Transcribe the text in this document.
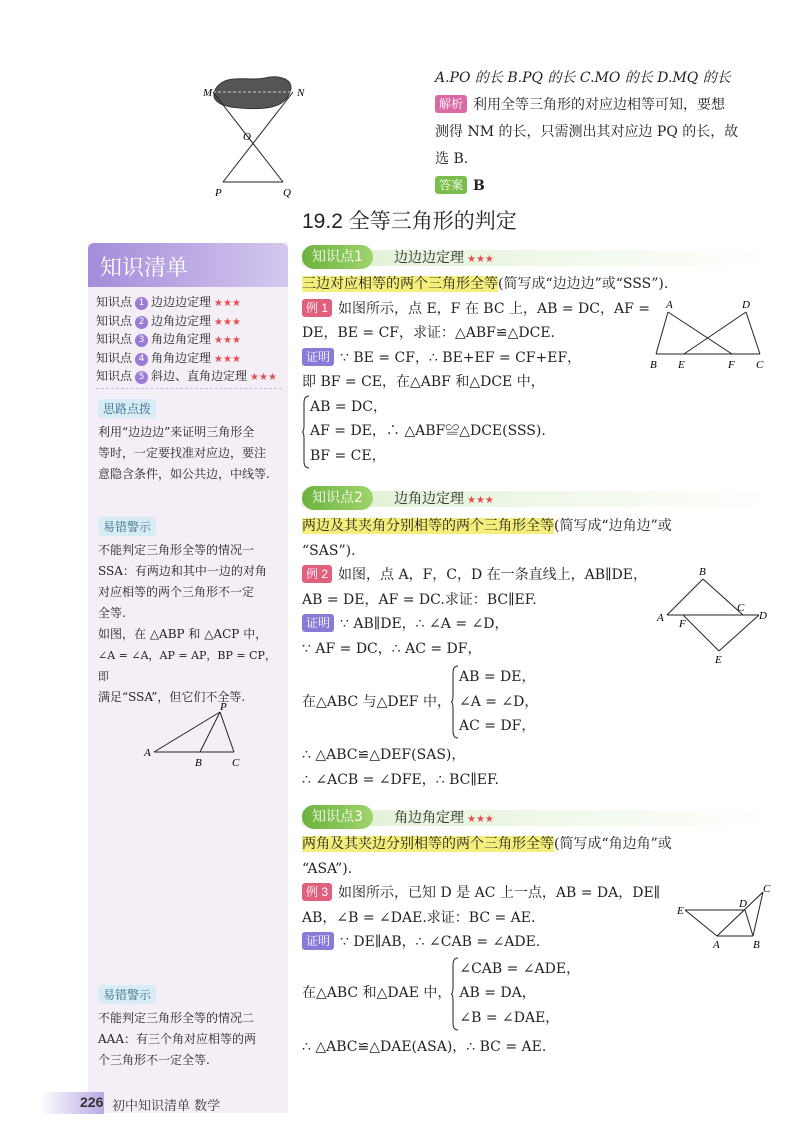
M	N
O
P	Q
A.PO 的长 B.PQ 的长 C.MO 的长 D.MQ 的长
解析 利用全等三角形的对应边相等可知，要想
测得 NM 的长，只需测出其对应边 PQ 的长，故
选 B.
答案 B
19.2 全等三角形的判定
知识清单
知识点 1 边边边定理 ★★★
知识点 2 边角边定理 ★★★
知识点 3 角边角定理 ★★★
知识点 4 角角边定理 ★★★
知识点 5 斜边、直角边定理 ★★★
思路点拨
利用“边边边”来证明三角形全
等时，一定要找准对应边，要注
意隐含条件，如公共边，中线等.
易错警示
不能判定三角形全等的情况一
SSA：有两边和其中一边的对角
对应相等的两个三角形不一定
全等.
如图，在 △ABP 和 △ACP 中，
∠A = ∠A，AP = AP，BP = CP，即
满足“SSA”，但它们不全等.
P
A
B	C
易错警示
不能判定三角形全等的情况二
AAA：有三个角对应相等的两
个三角形不一定全等.
知识点1	边边边定理 ★★★
三边对应相等的两个三角形全等(简写成“边边边”或“SSS”).
例 1 如图所示，点 E，F 在 BC 上，AB = DC，AF =
DE，BE = CF，求证：△ABF≌△DCE.
证明 ∵ BE = CF，∴ BE+EF = CF+EF，
即 BF = CE，在△ABF 和△DCE 中，
AB = DC，
AF = DE，∴ △ABF≌△DCE(SSS).
BF = CE，
A	D
B E	F C
知识点2	边角边定理 ★★★
两边及其夹角分别相等的两个三角形全等(简写成“边角边”或
“SAS”).
例 2 如图，点 A，F，C，D 在一条直线上，AB∥DE，
AB = DE，AF = DC.求证：BC∥EF.
证明 ∵ AB∥DE，∴ ∠A = ∠D，
∵ AF = DC，∴ AC = DF，
在△ABC 与△DEF 中，
AB = DE，
∠A = ∠D，
AC = DF，
∴ △ABC≌△DEF(SAS)，
∴ ∠ACB = ∠DFE，∴ BC∥EF.
B
A F
C
D
E
知识点3	角边角定理 ★★★
两角及其夹边分别相等的两个三角形全等(简写成“角边角”或
“ASA”).
例 3 如图所示，已知 D 是 AC 上一点，AB = DA，DE∥
AB，∠B = ∠DAE.求证：BC = AE.
证明 ∵ DE∥AB，∴ ∠CAB = ∠ADE.
在△ABC 和△DAE 中，
∠CAB = ∠ADE，
AB = DA，
∠B = ∠DAE，
∴ △ABC≌△DAE(ASA)，∴ BC = AE.
C
E
D
A	B
226 初中知识清单 数学
